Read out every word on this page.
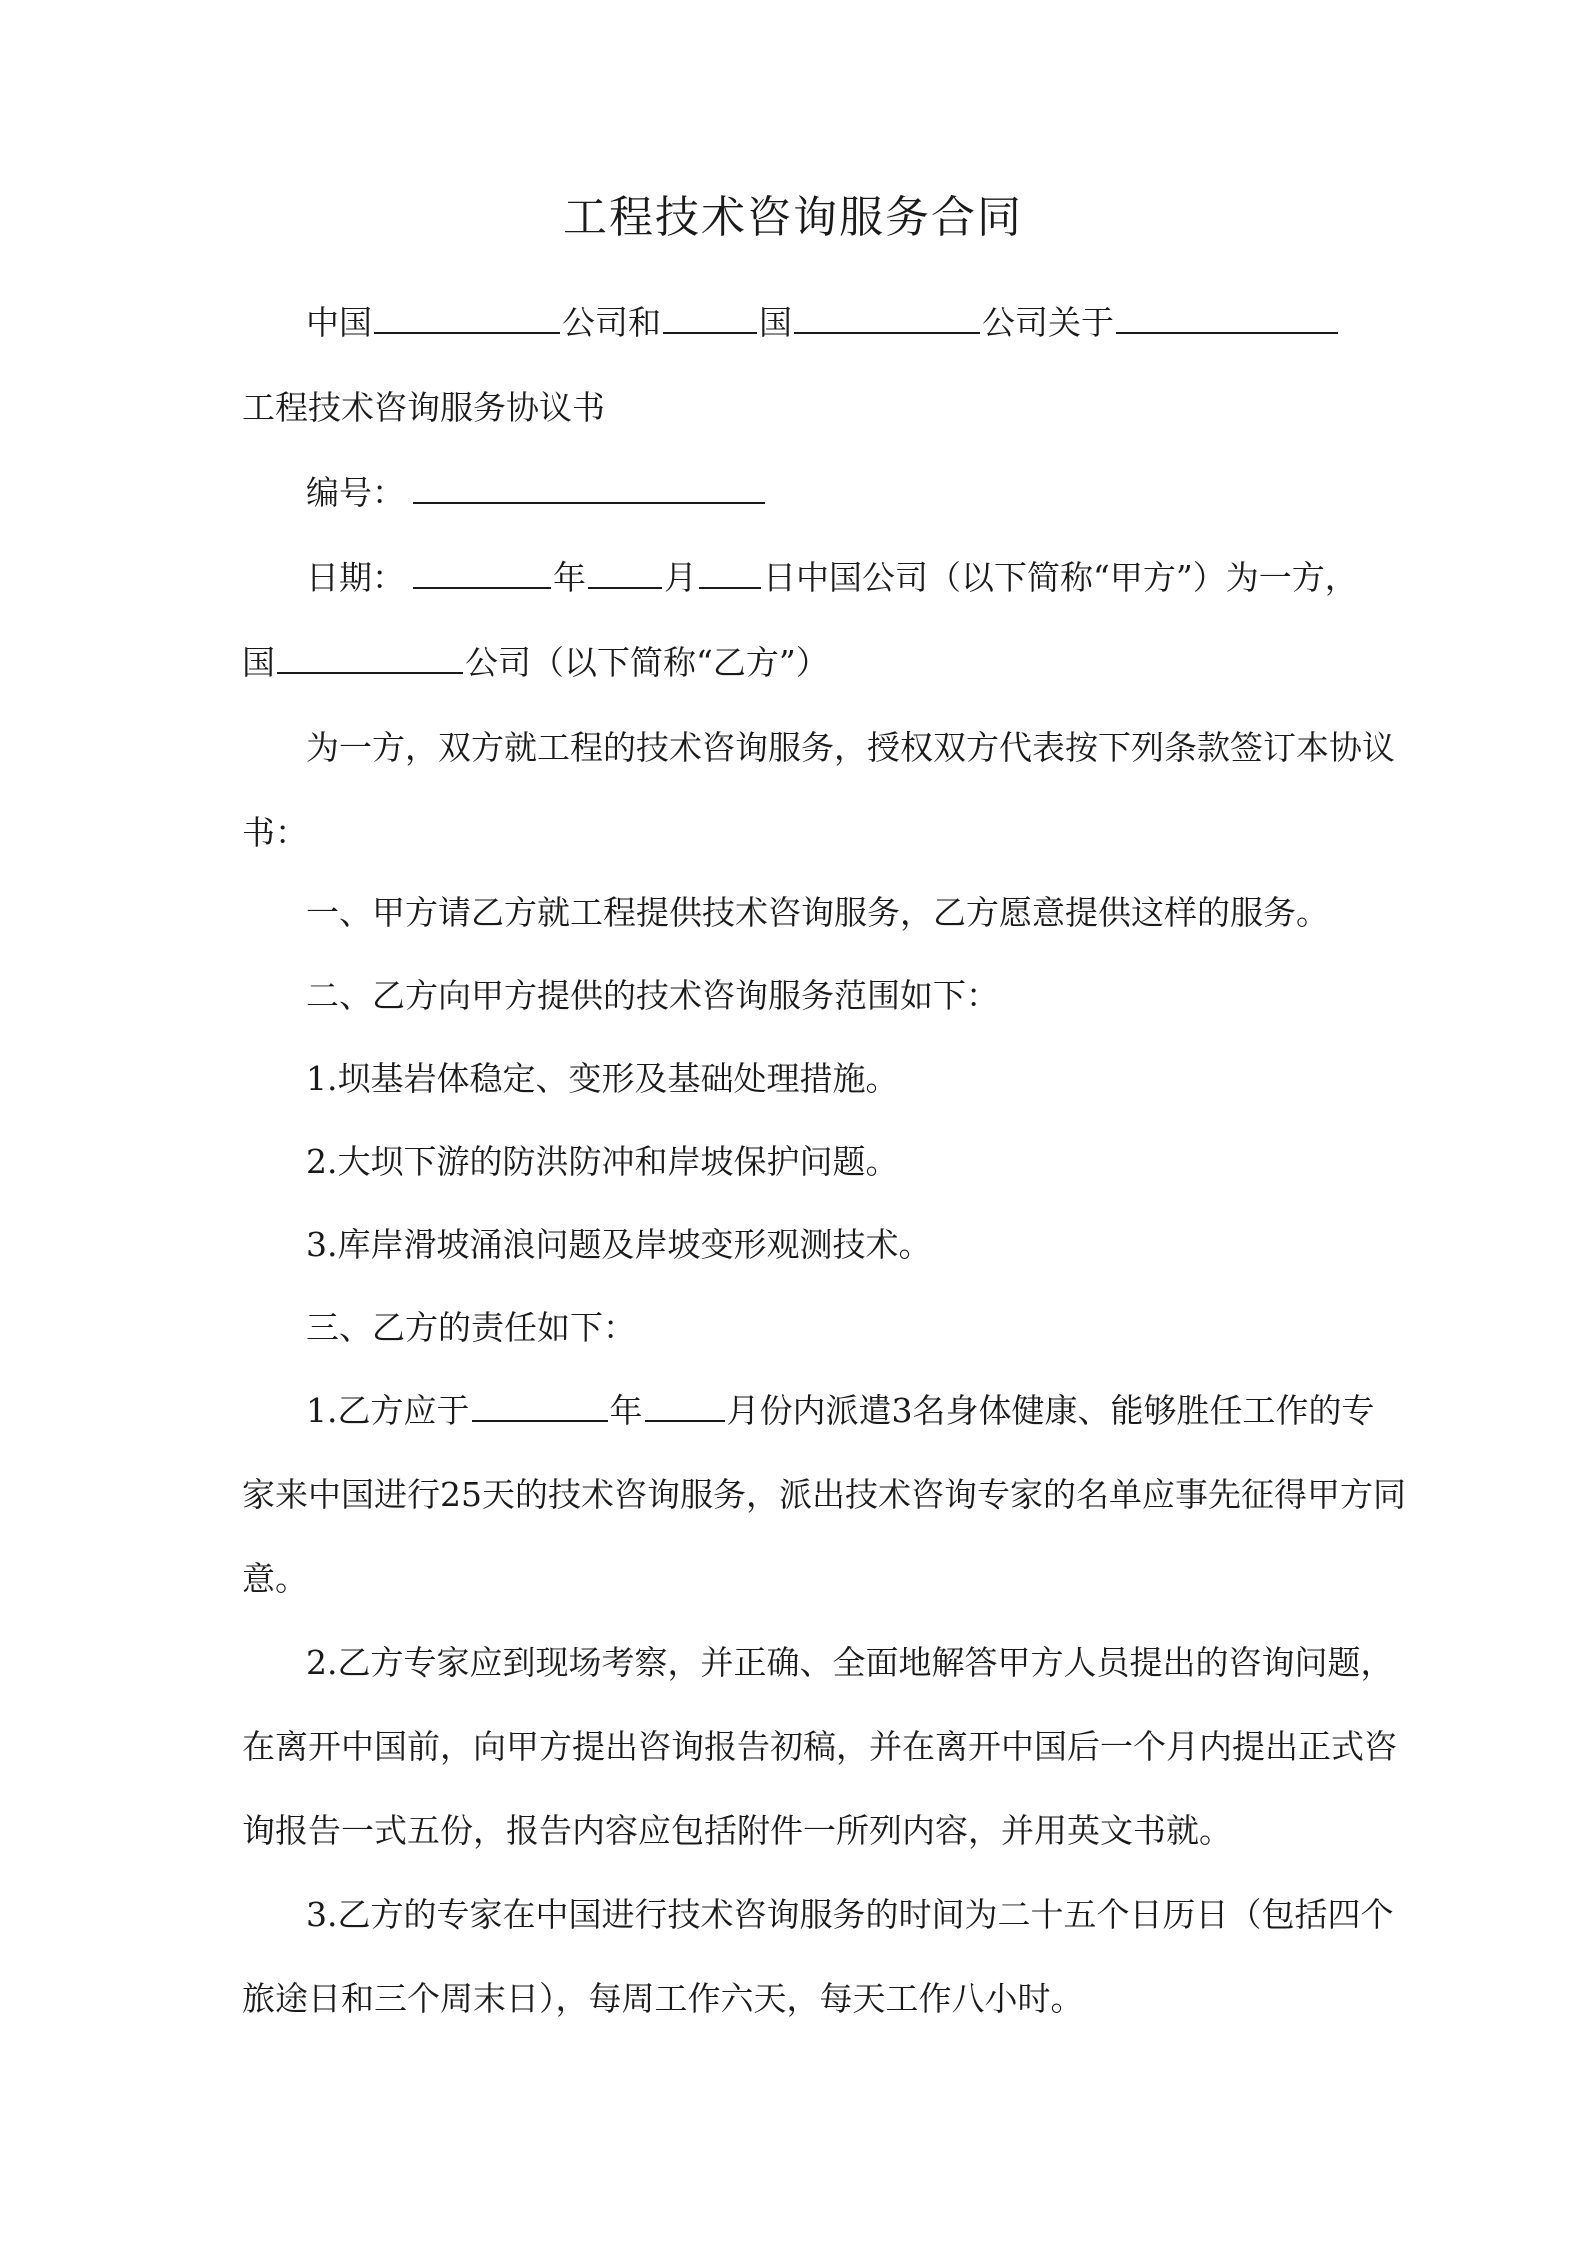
工程技术咨询服务合同
中国	公司和	国	公司关于
工程技术咨询服务协议书
编号：
日期：	年 月 日中国公司（以下简称“甲方”）为一方，
国	公司（以下简称“乙方”）
为一方，双方就工程的技术咨询服务，授权双方代表按下列条款签订本协议
书：
一、甲方请乙方就工程提供技术咨询服务，乙方愿意提供这样的服务。
二、乙方向甲方提供的技术咨询服务范围如下：
1.坝基岩体稳定、变形及基础处理措施。
2.大坝下游的防洪防冲和岸坡保护问题。
3.库岸滑坡涌浪问题及岸坡变形观测技术。
三、乙方的责任如下：
1.乙方应于	年	月份内派遣3名身体健康、能够胜任工作的专
家来中国进行25天的技术咨询服务，派出技术咨询专家的名单应事先征得甲方同
意。
2.乙方专家应到现场考察，并正确、全面地解答甲方人员提出的咨询问题，
在离开中国前，向甲方提出咨询报告初稿，并在离开中国后一个月内提出正式咨
询报告一式五份，报告内容应包括附件一所列内容，并用英文书就。
3.乙方的专家在中国进行技术咨询服务的时间为二十五个日历日（包括四个
旅途日和三个周末日），每周工作六天，每天工作八小时。
